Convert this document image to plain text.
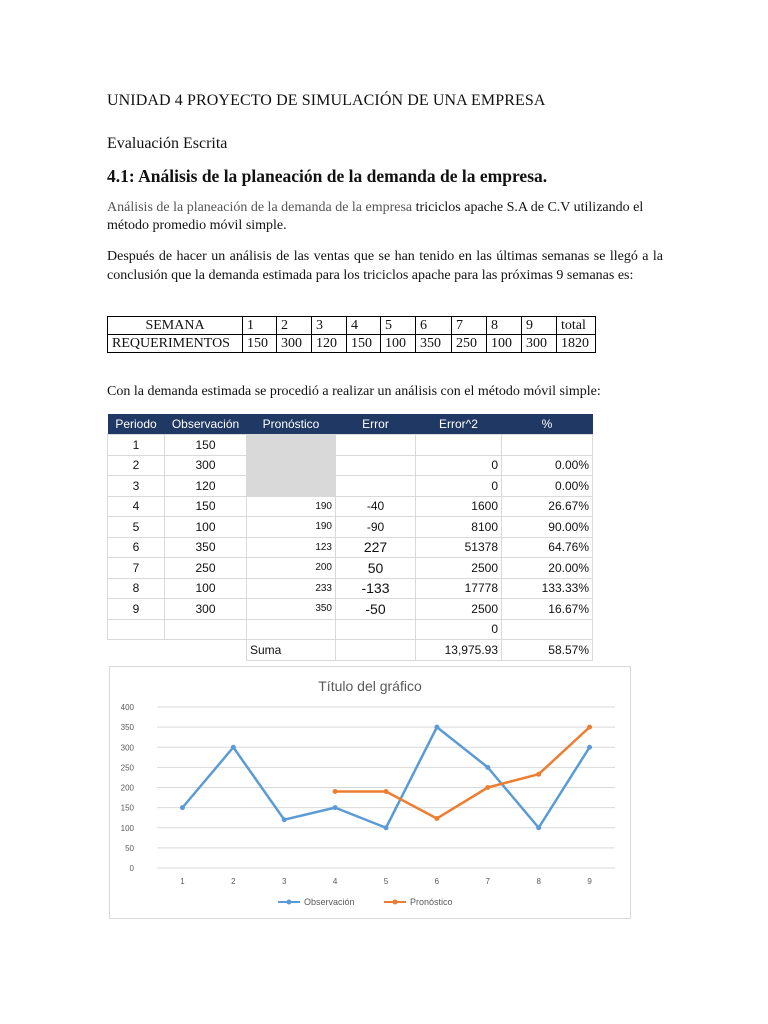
UNIDAD 4 PROYECTO DE SIMULACIÓN DE UNA EMPRESA
Evaluación Escrita
4.1: Análisis de la planeación de la demanda de la empresa.
Análisis de la planeación de la demanda de la empresa triciclos apache S.A de C.V utilizando el método promedio móvil simple.
Después de hacer un análisis de las ventas que se han tenido en las últimas semanas se llegó a la conclusión que la demanda estimada para los triciclos apache para las próximas 9 semanas es:
SEMANA	1	2	3	4	5	6	7	8	9	total
REQUERIMENTOS	150	300	120	150	100	350	250	100	300	1820
Con la demanda estimada se procedió a realizar un análisis con el método móvil simple:
Periodo	Observación	Pronóstico	Error	Error^2	%
1	150				
2	300			0	0.00%
3	120			0	0.00%
4	150	190	-40	1600	26.67%
5	100	190	-90	8100	90.00%
6	350	123	227	51378	64.76%
7	250	200	50	2500	20.00%
8	100	233	-133	17778	133.33%
9	300	350	-50	2500	16.67%
				0	
		Suma		13,975.93	58.57%
Título del gráfico
0
50
100
150
200
250
300
350
400
1	2	3	4	5	6	7	8	9
Observación	Pronóstico
